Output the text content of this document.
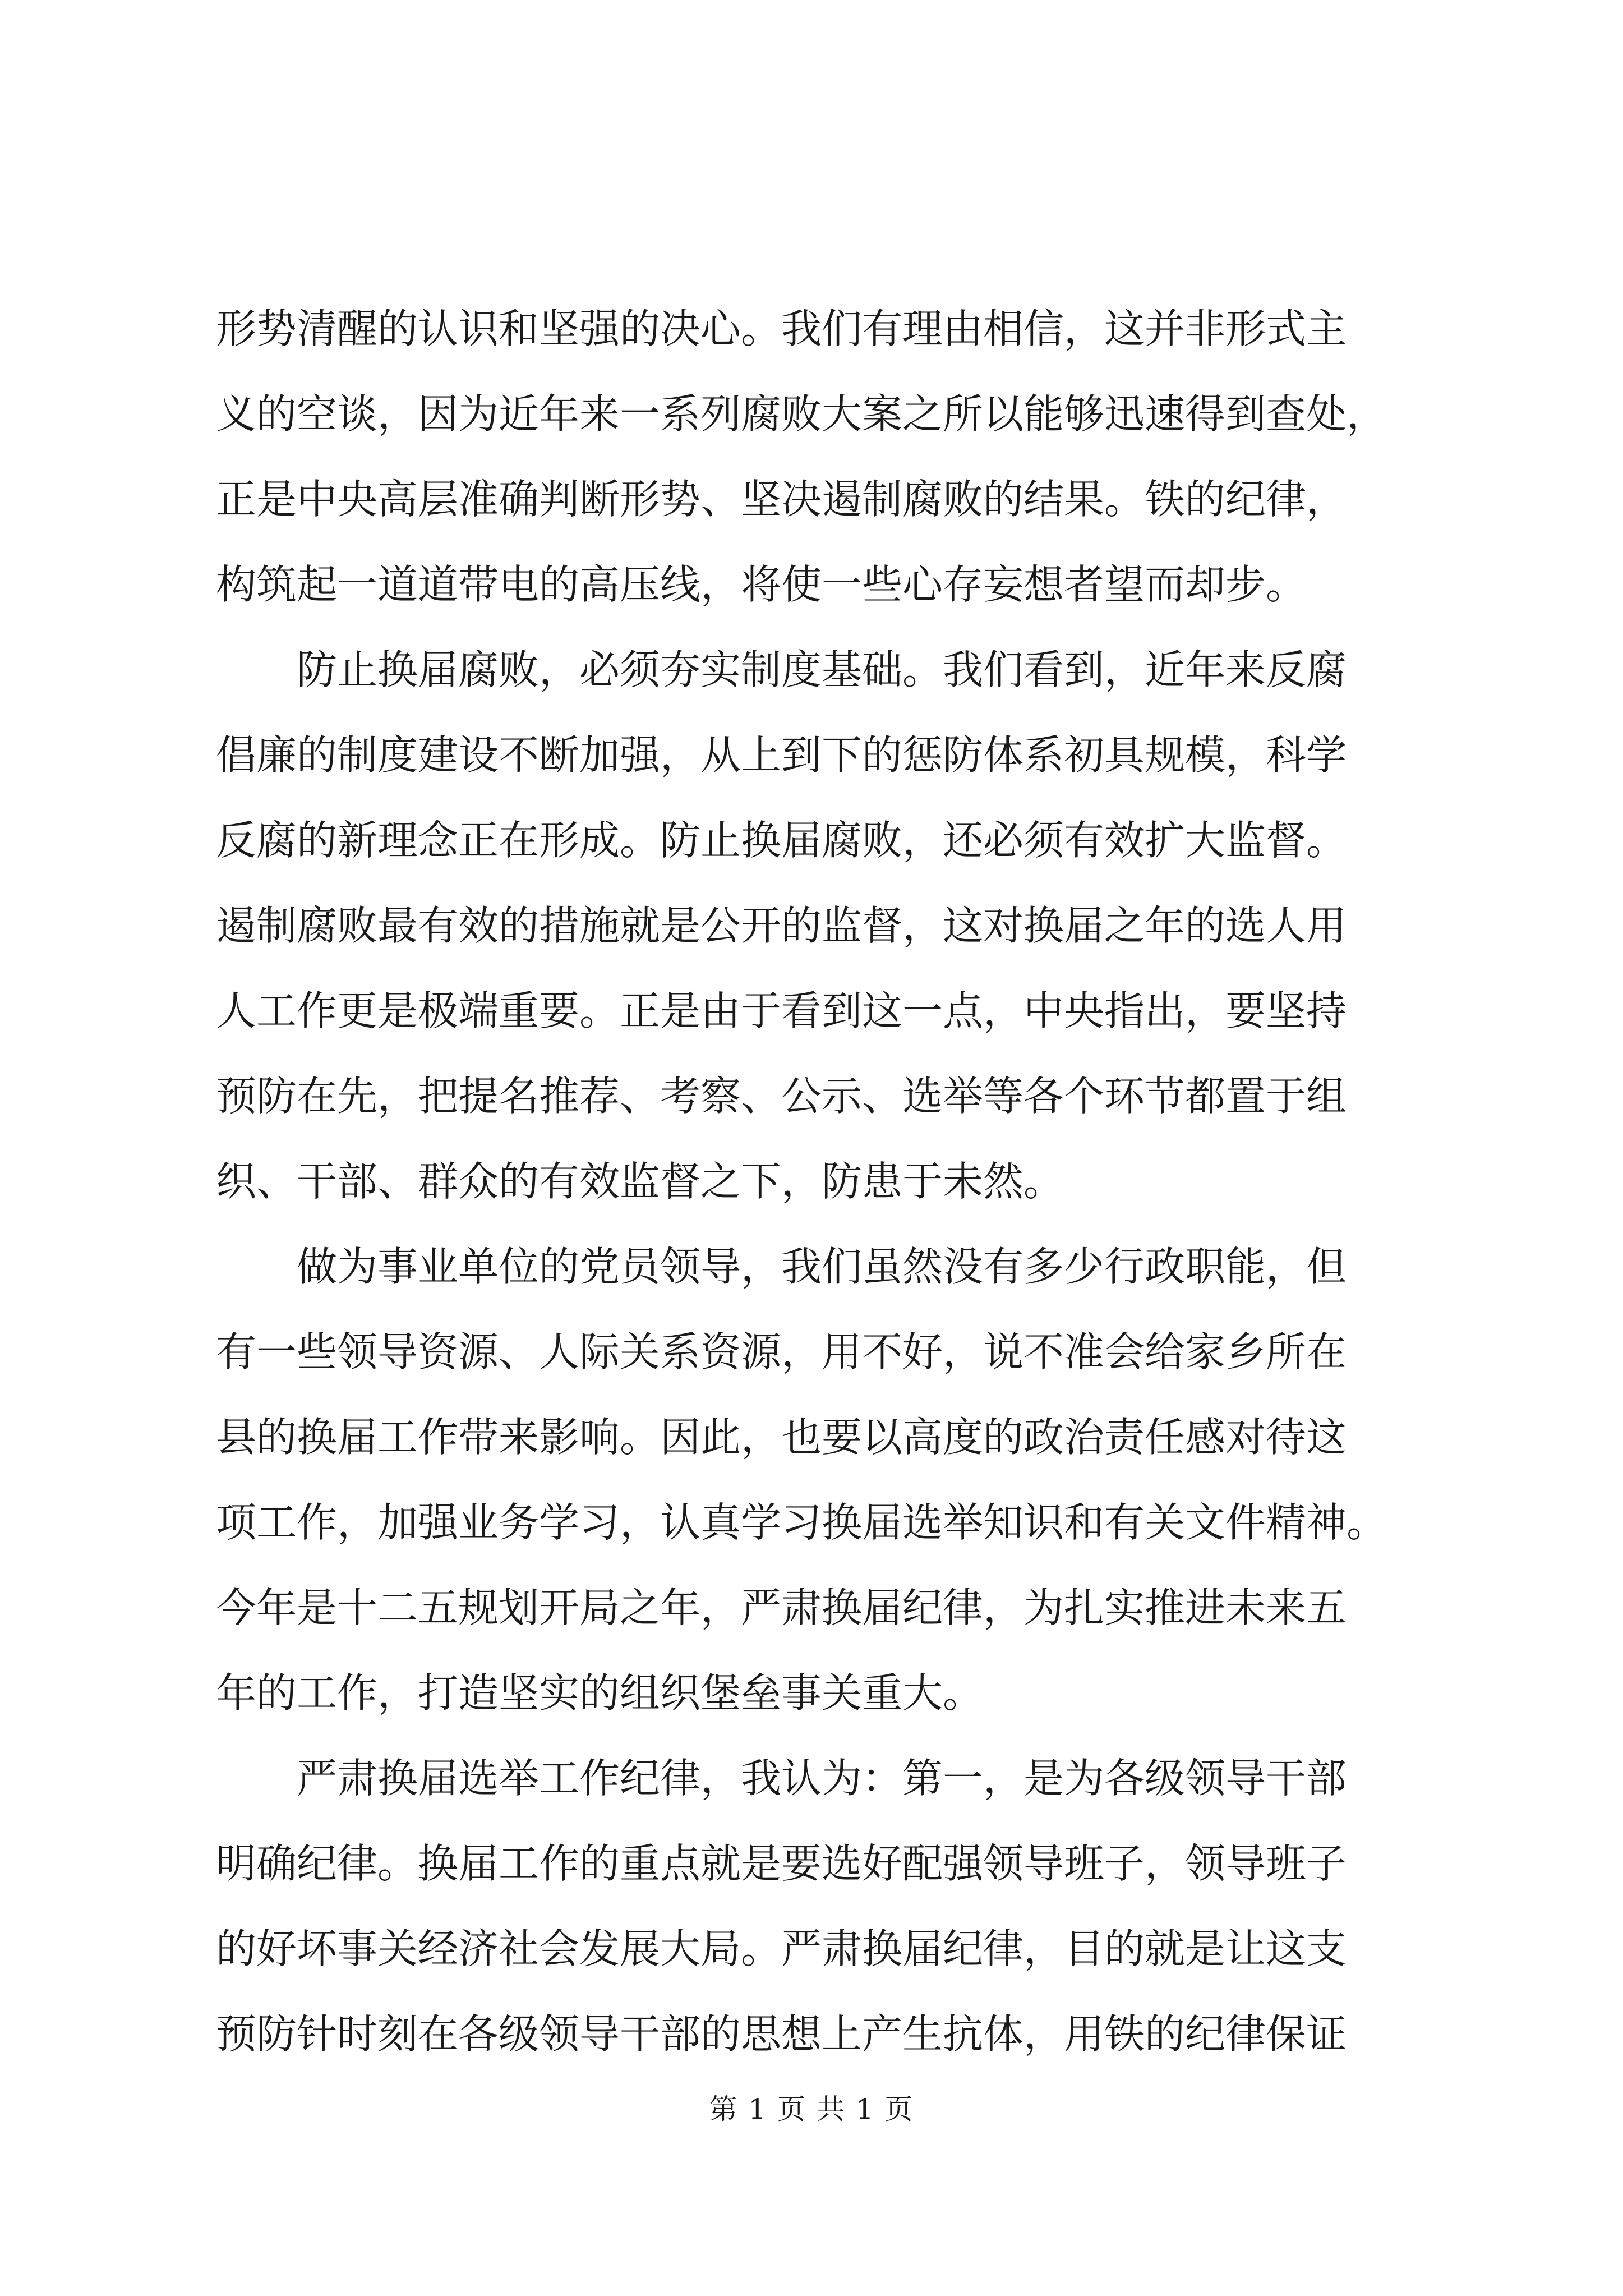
形势清醒的认识和坚强的决心。我们有理由相信，这并非形式主
义的空谈，因为近年来一系列腐败大案之所以能够迅速得到查处，
正是中央高层准确判断形势、坚决遏制腐败的结果。铁的纪律，
构筑起一道道带电的高压线，将使一些心存妄想者望而却步。
防止换届腐败，必须夯实制度基础。我们看到，近年来反腐
倡廉的制度建设不断加强，从上到下的惩防体系初具规模，科学
反腐的新理念正在形成。防止换届腐败，还必须有效扩大监督。
遏制腐败最有效的措施就是公开的监督，这对换届之年的选人用
人工作更是极端重要。正是由于看到这一点，中央指出，要坚持
预防在先，把提名推荐、考察、公示、选举等各个环节都置于组
织、干部、群众的有效监督之下，防患于未然。
做为事业单位的党员领导，我们虽然没有多少行政职能，但
有一些领导资源、人际关系资源，用不好，说不准会给家乡所在
县的换届工作带来影响。因此，也要以高度的政治责任感对待这
项工作，加强业务学习，认真学习换届选举知识和有关文件精神。
今年是十二五规划开局之年，严肃换届纪律，为扎实推进未来五
年的工作，打造坚实的组织堡垒事关重大。
严肃换届选举工作纪律，我认为：第一，是为各级领导干部
明确纪律。换届工作的重点就是要选好配强领导班子，领导班子
的好坏事关经济社会发展大局。严肃换届纪律，目的就是让这支
预防针时刻在各级领导干部的思想上产生抗体，用铁的纪律保证
第 1 页 共 1 页
